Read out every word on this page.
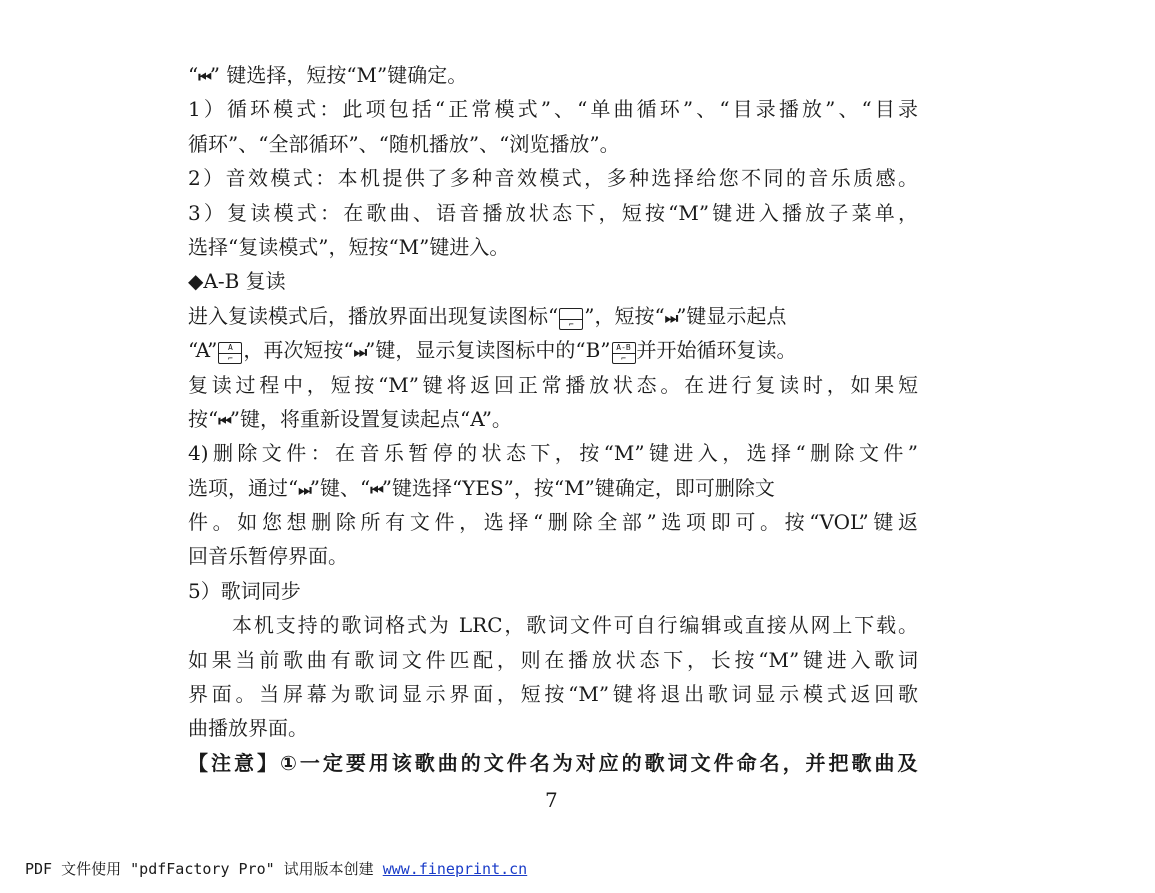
“⏮” 键选择，短按“M”键确定。
1）循环模式：此项包括“正常模式”、“单曲循环”、“目录播放”、“目录
循环”、“全部循环”、“随机播放”、“浏览播放”。
2）音效模式：本机提供了多种音效模式，多种选择给您不同的音乐质感。
3）复读模式：在歌曲、语音播放状态下，短按“M”键进入播放子菜单，
选择“复读模式”，短按“M”键进入。
◆A-B 复读
进入复读模式后，播放界面出现复读图标“	⌐ ”，短按“⏭”键显示起点
“A”	A
⌐ ，再次短按“⏭”键，显示复读图标中的“B” A-B
⌐ 并开始循环复读。
复读过程中，短按“M”键将返回正常播放状态。在进行复读时，如果短
按“⏮”键，将重新设置复读起点“A”。
4)删除文件：在音乐暂停的状态下，按“M”键进入，选择“删除文件”
选项，通过“⏭”键、“⏮”键选择“YES”，按“M”键确定，即可删除文
件。如您想删除所有文件，选择“删除全部”选项即可。按“VOL”键返
回音乐暂停界面。
5）歌词同步
本机支持的歌词格式为 LRC，歌词文件可自行编辑或直接从网上下载。
如果当前歌曲有歌词文件匹配，则在播放状态下，长按“M”键进入歌词
界面。当屏幕为歌词显示界面，短按“M”键将退出歌词显示模式返回歌
曲播放界面。
【注意】①一定要用该歌曲的文件名为对应的歌词文件命名，并把歌曲及
7
PDF 文件使用 "pdfFactory Pro" 试用版本创建 www.fineprint.cn
